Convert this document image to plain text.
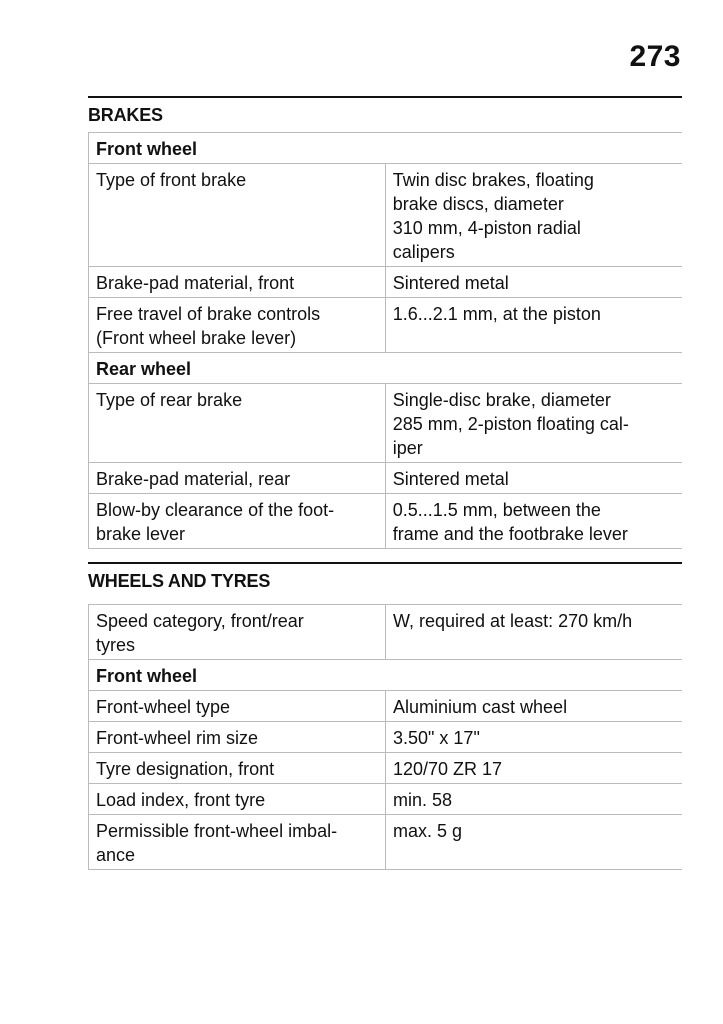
273
BRAKES
Front wheel	
Type of front brake	Twin disc brakes, floating
brake discs, diameter
310 mm, 4-piston radial
calipers
Brake-pad material, front	Sintered metal
Free travel of brake controls
(Front wheel brake lever)	1.6...2.1 mm, at the piston
Rear wheel	
Type of rear brake	Single-disc brake, diameter
285 mm, 2-piston floating cal-
iper
Brake-pad material, rear	Sintered metal
Blow-by clearance of the foot-
brake lever	0.5...1.5 mm, between the
frame and the footbrake lever
WHEELS AND TYRES
Speed category, front/rear
tyres	W, required at least: 270 km/h
Front wheel	
Front-wheel type	Aluminium cast wheel
Front-wheel rim size	3.50" x 17"
Tyre designation, front	120/70 ZR 17
Load index, front tyre	min. 58
Permissible front-wheel imbal-
ance	max. 5 g
